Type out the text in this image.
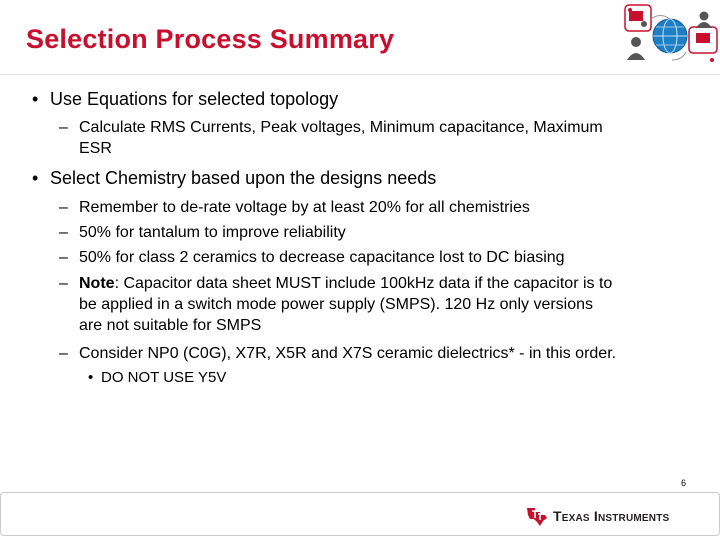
Selection Process Summary
• Use Equations for selected topology
– Calculate RMS Currents, Peak voltages, Minimum capacitance, Maximum
ESR
• Select Chemistry based upon the designs needs
– Remember to de-rate voltage by at least 20% for all chemistries
– 50% for tantalum to improve reliability
– 50% for class 2 ceramics to decrease capacitance lost to DC biasing
– Note: Capacitor data sheet MUST include 100kHz data if the capacitor is to
be applied in a switch mode power supply (SMPS). 120 Hz only versions
are not suitable for SMPS
– Consider NP0 (C0G), X7R, X5R and X7S ceramic dielectrics* - in this order.
• DO NOT USE Y5V
6
Texas Instruments
